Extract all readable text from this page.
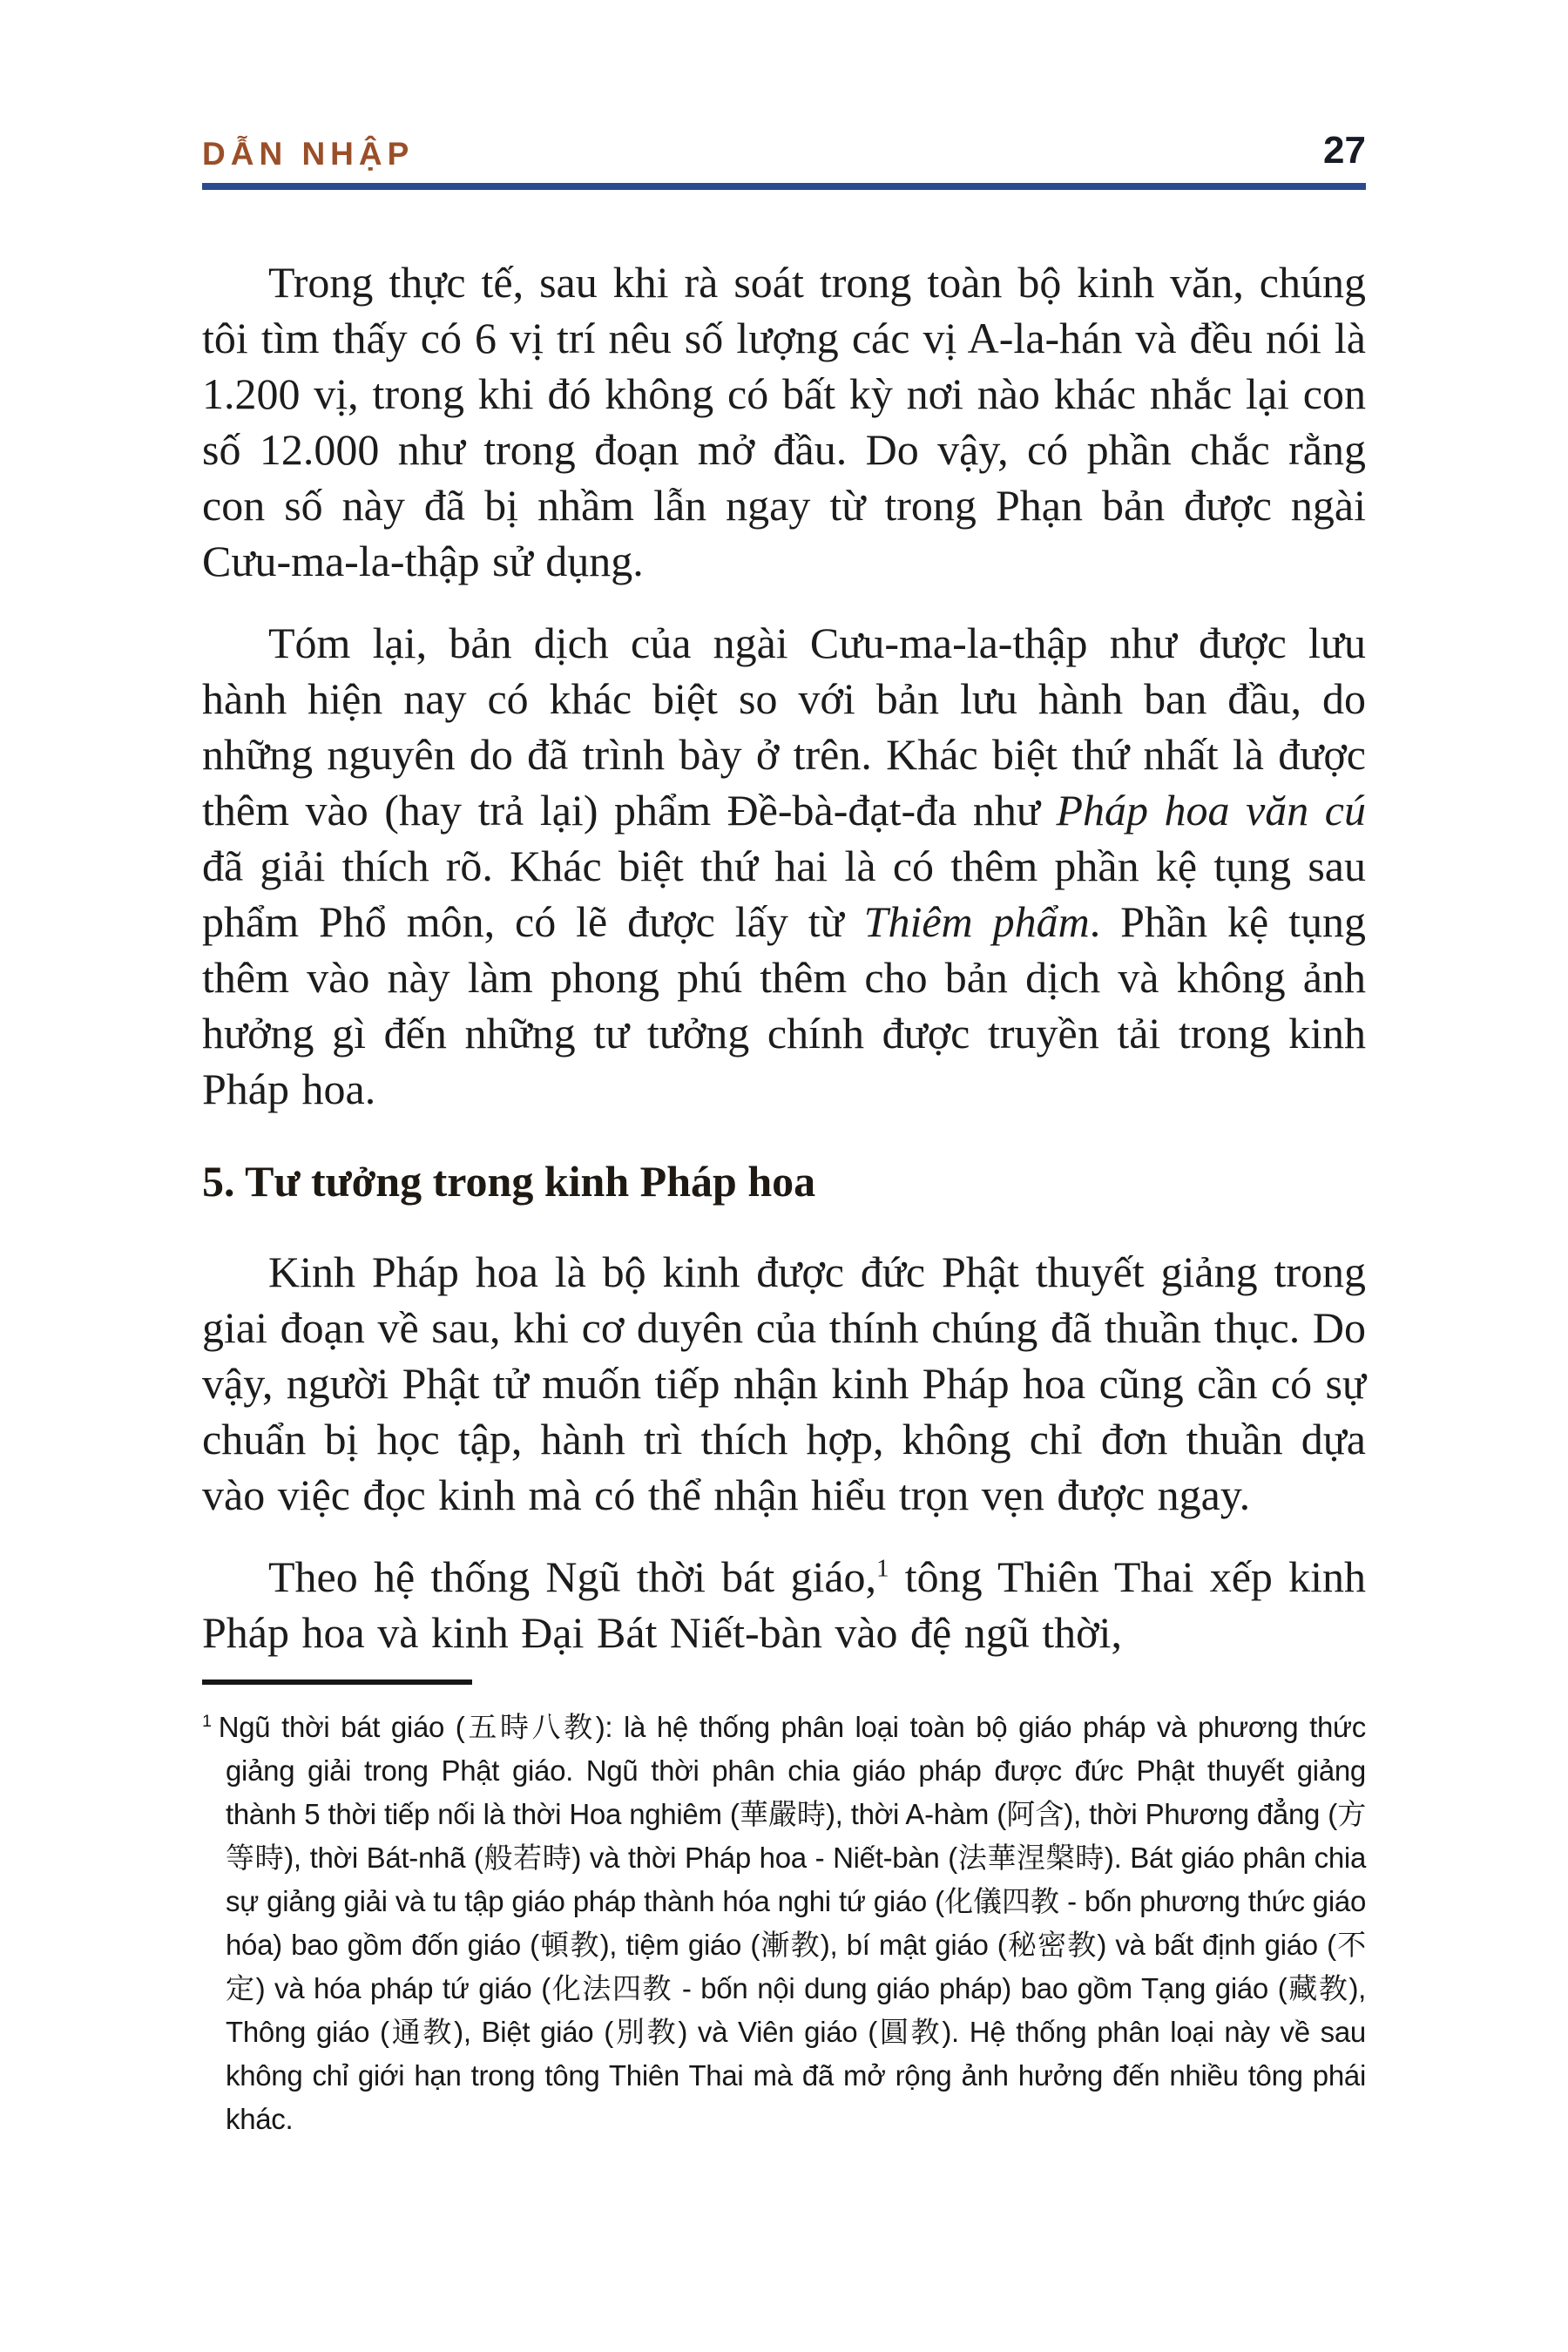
DẪN NHẬP	27

Trong thực tế, sau khi rà soát trong toàn bộ kinh văn, chúng tôi tìm thấy có 6 vị trí nêu số lượng các vị A-la-hán và đều nói là 1.200 vị, trong khi đó không có bất kỳ nơi nào khác nhắc lại con số 12.000 như trong đoạn mở đầu. Do vậy, có phần chắc rằng con số này đã bị nhầm lẫn ngay từ trong Phạn bản được ngài Cưu-ma-la-thập sử dụng.

Tóm lại, bản dịch của ngài Cưu-ma-la-thập như được lưu hành hiện nay có khác biệt so với bản lưu hành ban đầu, do những nguyên do đã trình bày ở trên. Khác biệt thứ nhất là được thêm vào (hay trả lại) phẩm Đề-bà-đạt-đa như Pháp hoa văn cú đã giải thích rõ. Khác biệt thứ hai là có thêm phần kệ tụng sau phẩm Phổ môn, có lẽ được lấy từ Thiêm phẩm. Phần kệ tụng thêm vào này làm phong phú thêm cho bản dịch và không ảnh hưởng gì đến những tư tưởng chính được truyền tải trong kinh Pháp hoa.

5. Tư tưởng trong kinh Pháp hoa

Kinh Pháp hoa là bộ kinh được đức Phật thuyết giảng trong giai đoạn về sau, khi cơ duyên của thính chúng đã thuần thục. Do vậy, người Phật tử muốn tiếp nhận kinh Pháp hoa cũng cần có sự chuẩn bị học tập, hành trì thích hợp, không chỉ đơn thuần dựa vào việc đọc kinh mà có thể nhận hiểu trọn vẹn được ngay.

Theo hệ thống Ngũ thời bát giáo,$^1$ tông Thiên Thai xếp kinh Pháp hoa và kinh Đại Bát Niết-bàn vào đệ ngũ thời,

$^1$ Ngũ thời bát giáo (五時八教): là hệ thống phân loại toàn bộ giáo pháp và phương thức giảng giải trong Phật giáo. Ngũ thời phân chia giáo pháp được đức Phật thuyết giảng thành 5 thời tiếp nối là thời Hoa nghiêm (華嚴時), thời A-hàm (阿含), thời Phương đẳng (方等時), thời Bát-nhã (般若時) và thời Pháp hoa - Niết-bàn (法華涅槃時). Bát giáo phân chia sự giảng giải và tu tập giáo pháp thành hóa nghi tứ giáo (化儀四教 - bốn phương thức giáo hóa) bao gồm đốn giáo (頓教), tiệm giáo (漸教), bí mật giáo (秘密教) và bất định giáo (不定) và hóa pháp tứ giáo (化法四教 - bốn nội dung giáo pháp) bao gồm Tạng giáo (藏教), Thông giáo (通教), Biệt giáo (別教) và Viên giáo (圓教). Hệ thống phân loại này về sau không chỉ giới hạn trong tông Thiên Thai mà đã mở rộng ảnh hưởng đến nhiều tông phái khác.
